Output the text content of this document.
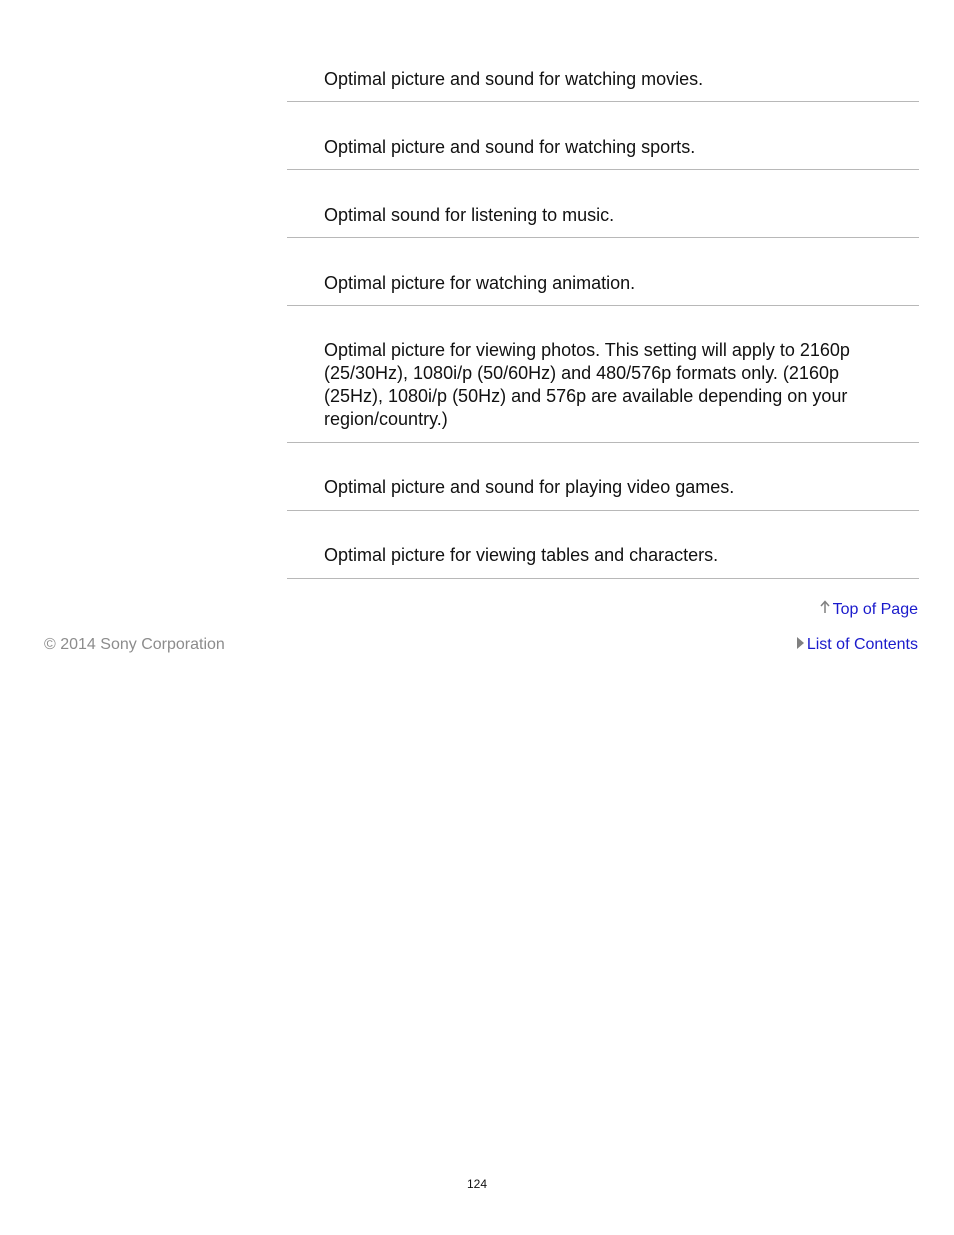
Optimal picture and sound for watching movies.
Optimal picture and sound for watching sports.
Optimal sound for listening to music.
Optimal picture for watching animation.
Optimal picture for viewing photos. This setting will apply to 2160p (25/30Hz), 1080i/p (50/60Hz) and 480/576p formats only. (2160p (25Hz), 1080i/p (50Hz) and 576p are available depending on your region/country.)
Optimal picture and sound for playing video games.
Optimal picture for viewing tables and characters.
Top of Page
© 2014 Sony Corporation	List of Contents
124
